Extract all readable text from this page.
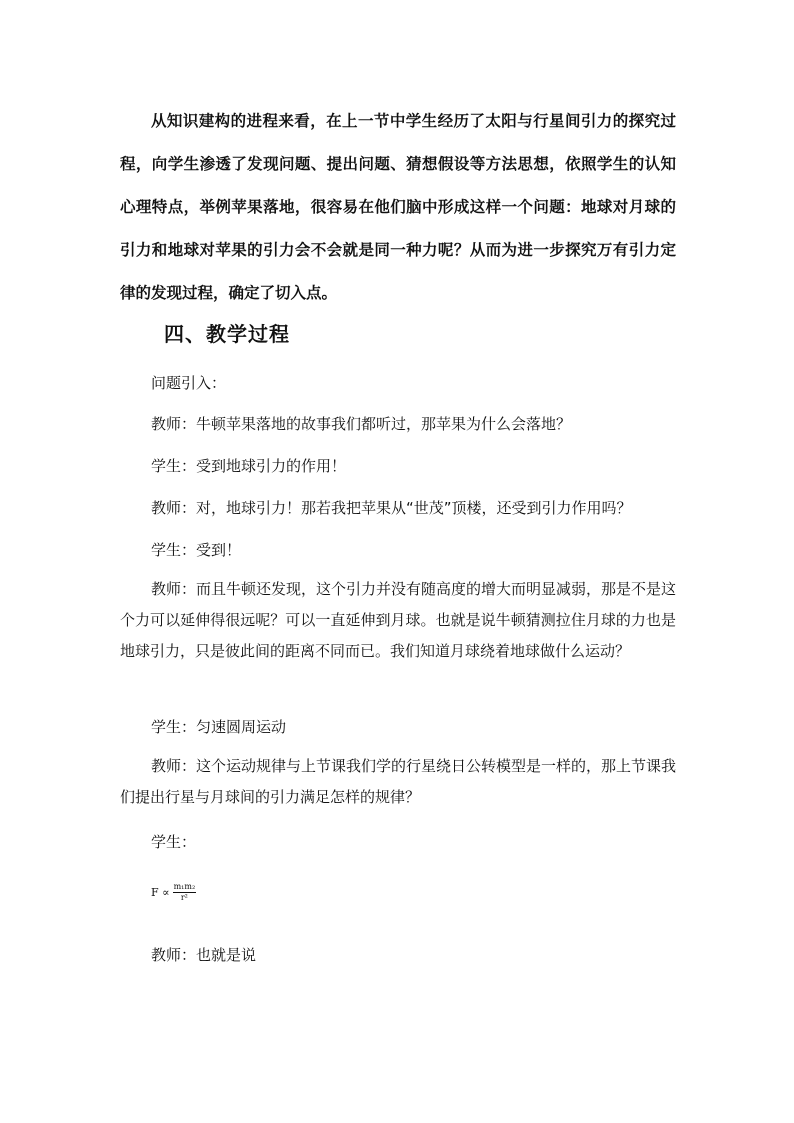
从知识建构的进程来看，在上一节中学生经历了太阳与行星间引力的探究过程，向学生渗透了发现问题、提出问题、猜想假设等方法思想，依照学生的认知心理特点，举例苹果落地，很容易在他们脑中形成这样一个问题：地球对月球的引力和地球对苹果的引力会不会就是同一种力呢？从而为进一步探究万有引力定律的发现过程，确定了切入点。

四、教学过程

问题引入：

教师：牛顿苹果落地的故事我们都听过，那苹果为什么会落地？

学生：受到地球引力的作用！

教师：对，地球引力！那若我把苹果从“世茂”顶楼，还受到引力作用吗？

学生：受到！

教师：而且牛顿还发现，这个引力并没有随高度的增大而明显减弱，那是不是这个力可以延伸得很远呢？可以一直延伸到月球。也就是说牛顿猜测拉住月球的力也是地球引力，只是彼此间的距离不同而已。我们知道月球绕着地球做什么运动？

学生：匀速圆周运动

教师：这个运动规律与上节课我们学的行星绕日公转模型是一样的，那上节课我们提出行星与月球间的引力满足怎样的规律？

学生：

$F \propto \frac{\text{m₁m₂}}{\text{r²}}$

教师：也就是说
